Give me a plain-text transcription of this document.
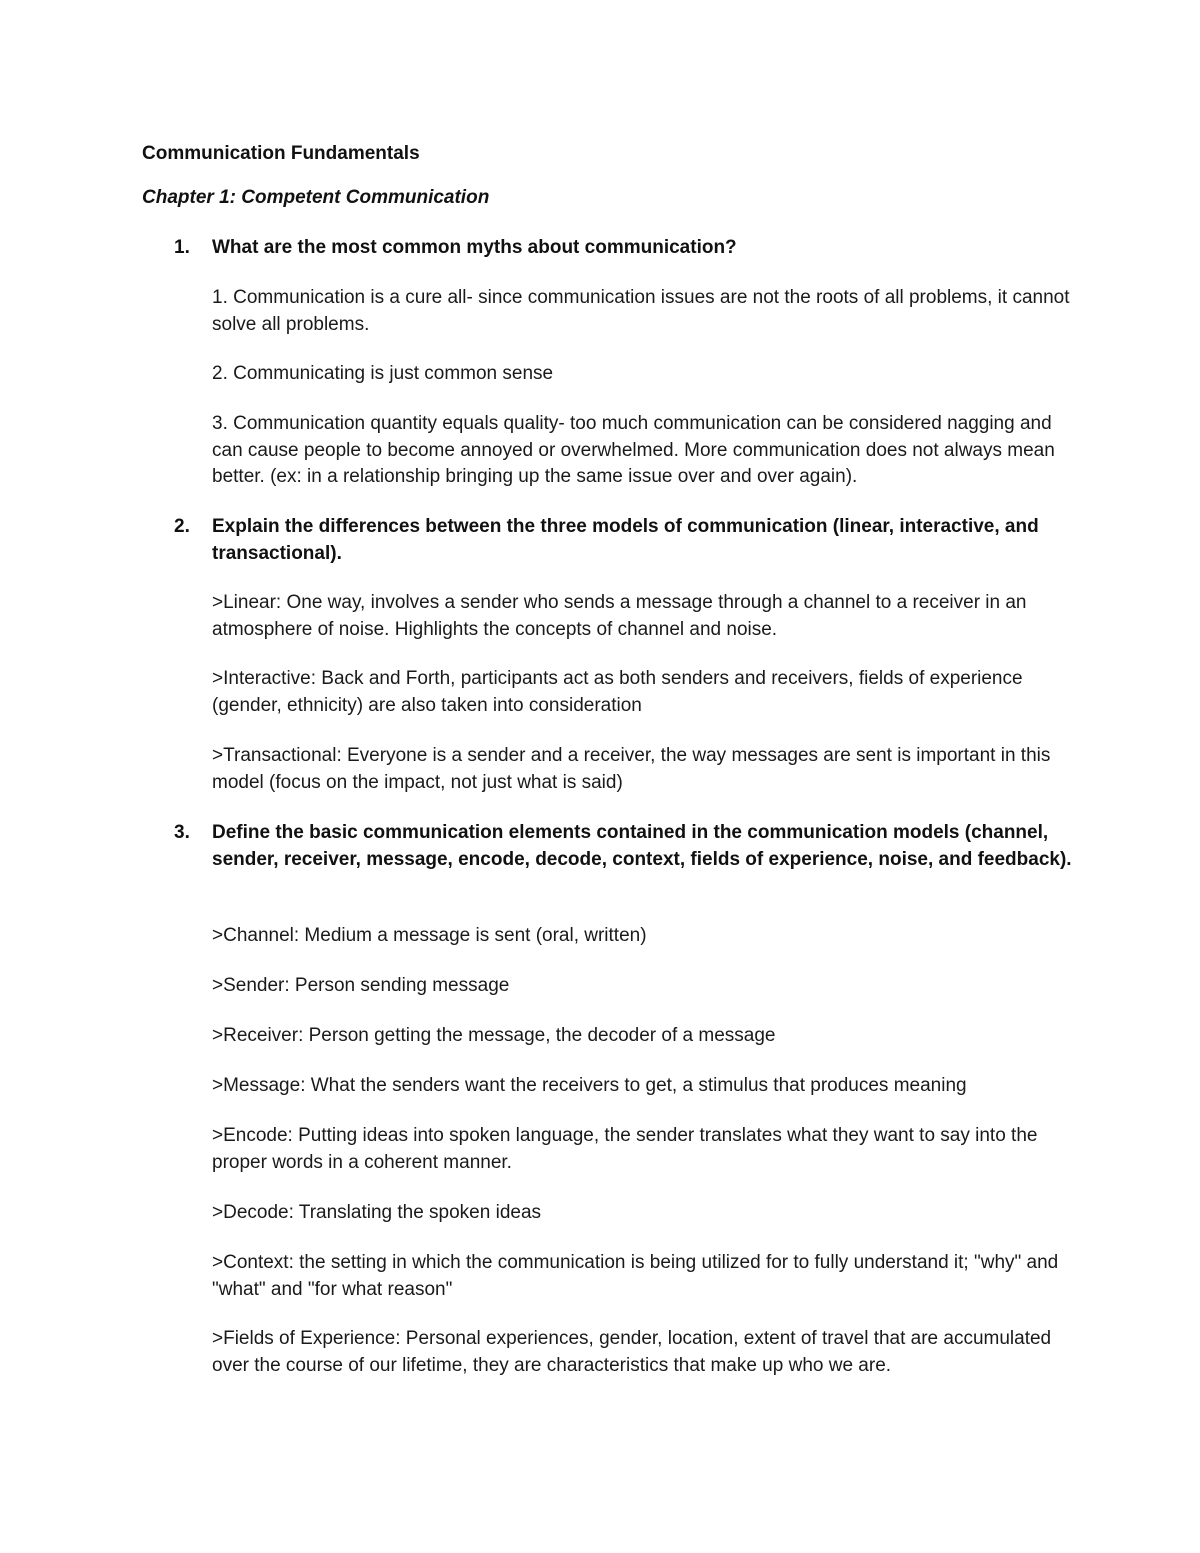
Communication Fundamentals
Chapter 1: Competent Communication
1. What are the most common myths about communication?
1. Communication is a cure all- since communication issues are not the roots of all problems, it cannot solve all problems.
2. Communicating is just common sense
3. Communication quantity equals quality- too much communication can be considered nagging and can cause people to become annoyed or overwhelmed. More communication does not always mean better. (ex: in a relationship bringing up the same issue over and over again).
2. Explain the differences between the three models of communication (linear, interactive, and transactional).
>Linear: One way, involves a sender who sends a message through a channel to a receiver in an atmosphere of noise. Highlights the concepts of channel and noise.
>Interactive: Back and Forth, participants act as both senders and receivers, fields of experience (gender, ethnicity) are also taken into consideration
>Transactional: Everyone is a sender and a receiver, the way messages are sent is important in this model (focus on the impact, not just what is said)
3. Define the basic communication elements contained in the communication models (channel, sender, receiver, message, encode, decode, context, fields of experience, noise, and feedback).
>Channel: Medium a message is sent (oral, written)
>Sender: Person sending message
>Receiver: Person getting the message, the decoder of a message
>Message: What the senders want the receivers to get, a stimulus that produces meaning
>Encode: Putting ideas into spoken language, the sender translates what they want to say into the proper words in a coherent manner.
>Decode: Translating the spoken ideas
>Context: the setting in which the communication is being utilized for to fully understand it; "why" and "what" and "for what reason"
>Fields of Experience: Personal experiences, gender, location, extent of travel that are accumulated over the course of our lifetime, they are characteristics that make up who we are.
